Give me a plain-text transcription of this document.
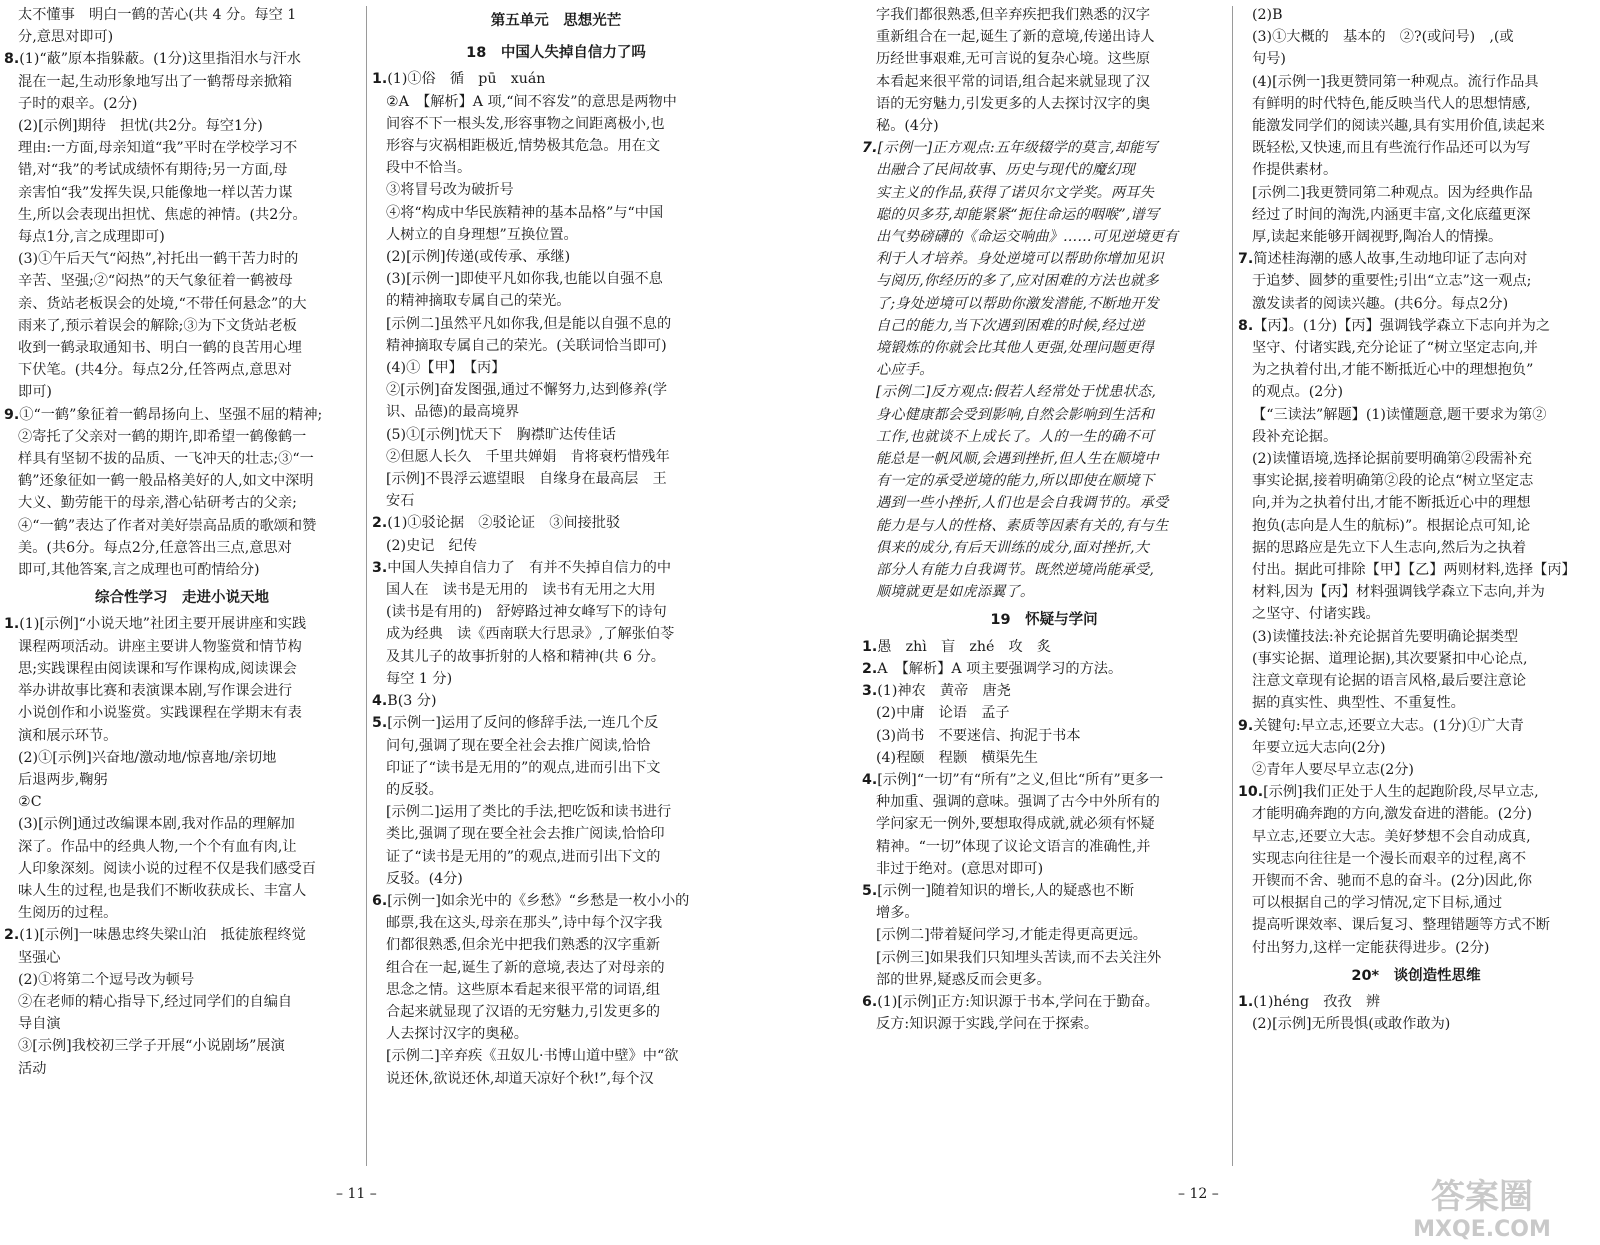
太不懂事　明白一鹤的苦心(共 4 分。每空 1
分,意思对即可)
8.(1)“蔽”原本指躲蔽。(1分)这里指泪水与汗水
混在一起,生动形象地写出了一鹤帮母亲掀箱
子时的艰辛。(2分)
(2)[示例]期待　担忧(共2分。每空1分)
理由:一方面,母亲知道“我”平时在学校学习不
错,对“我”的考试成绩怀有期待;另一方面,母
亲害怕“我”发挥失误,只能像地一样以苦力谋
生,所以会表现出担忧、焦虑的神情。(共2分。
每点1分,言之成理即可)
(3)①午后天气“闷热”,衬托出一鹤干苦力时的
辛苦、坚强;②“闷热”的天气象征着一鹤被母
亲、货站老板误会的处境,“不带任何悬念”的大
雨来了,预示着误会的解除;③为下文货站老板
收到一鹤录取通知书、明白一鹤的良苦用心埋
下伏笔。(共4分。每点2分,任答两点,意思对
即可)
9.①“一鹤”象征着一鹤昂扬向上、坚强不屈的精神;
②寄托了父亲对一鹤的期许,即希望一鹤像鹤一
样具有坚韧不拔的品质、一飞冲天的壮志;③“一
鹤”还象征如一鹤一般品格美好的人,如文中深明
大义、勤劳能干的母亲,潜心钻研考古的父亲;
④“一鹤”表达了作者对美好崇高品质的歌颂和赞
美。(共6分。每点2分,任意答出三点,意思对
即可,其他答案,言之成理也可酌情给分)
综合性学习　走进小说天地
1.(1)[示例]“小说天地”社团主要开展讲座和实践
课程两项活动。讲座主要讲人物鉴赏和情节构
思;实践课程由阅读课和写作课构成,阅读课会
举办讲故事比赛和表演课本剧,写作课会进行
小说创作和小说鉴赏。实践课程在学期末有表
演和展示环节。
(2)①[示例]兴奋地/激动地/惊喜地/亲切地
后退两步,鞠躬
②C
(3)[示例]通过改编课本剧,我对作品的理解加
深了。作品中的经典人物,一个个有血有肉,让
人印象深刻。阅读小说的过程不仅是我们感受百
味人生的过程,也是我们不断收获成长、丰富人
生阅历的过程。
2.(1)[示例]一味愚忠终失梁山泊　抵徒旅程终觉
坚强心
(2)①将第二个逗号改为顿号
②在老师的精心指导下,经过同学们的自编自
导自演
③[示例]我校初三学子开展“小说剧场”展演
活动
第五单元　思想光芒
18　中国人失掉自信力了吗
1.(1)①俗　循　pū　xuán
②A　【解析】A 项,“间不容发”的意思是两物中
间容不下一根头发,形容事物之间距离极小,也
形容与灾祸相距极近,情势极其危急。用在文
段中不恰当。
③将冒号改为破折号
④将“构成中华民族精神的基本品格”与“中国
人树立的自身理想”互换位置。
(2)[示例]传递(或传承、承继)
(3)[示例一]即使平凡如你我,也能以自强不息
的精神摘取专属自己的荣光。
[示例二]虽然平凡如你我,但是能以自强不息的
精神摘取专属自己的荣光。(关联词恰当即可)
(4)①【甲】　【丙】
②[示例]奋发图强,通过不懈努力,达到修养(学
识、品德)的最高境界
(5)①[示例]忧天下　胸襟旷达传佳话
②但愿人长久　千里共婵娟　肯将衰朽惜残年
[示例]不畏浮云遮望眼　自缘身在最高层　王
安石
2.(1)①驳论据　②驳论证　③间接批驳
(2)史记　纪传
3.中国人失掉自信力了　有并不失掉自信力的中
国人在　读书是无用的　读书有无用之大用
(读书是有用的)　舒婷路过神女峰写下的诗句
成为经典　读《西南联大行思录》,了解张伯苓
及其儿子的故事折射的人格和精神(共 6 分。
每空 1 分)
4.B(3 分)
5.[示例一]运用了反问的修辞手法,一连几个反
问句,强调了现在要全社会去推广阅读,恰恰
印证了“读书是无用的”的观点,进而引出下文
的反驳。
[示例二]运用了类比的手法,把吃饭和读书进行
类比,强调了现在要全社会去推广阅读,恰恰印
证了“读书是无用的”的观点,进而引出下文的
反驳。(4分)
6.[示例一]如余光中的《乡愁》“乡愁是一枚小小的
邮票,我在这头,母亲在那头”,诗中每个汉字我
们都很熟悉,但余光中把我们熟悉的汉字重新
组合在一起,诞生了新的意境,表达了对母亲的
思念之情。这些原本看起来很平常的词语,组
合起来就显现了汉语的无穷魅力,引发更多的
人去探讨汉字的奥秘。
[示例二]辛弃疾《丑奴儿·书博山道中壁》中“欲
说还休,欲说还休,却道天凉好个秋!”,每个汉
字我们都很熟悉,但辛弃疾把我们熟悉的汉字
重新组合在一起,诞生了新的意境,传递出诗人
历经世事艰难,无可言说的复杂心境。这些原
本看起来很平常的词语,组合起来就显现了汉
语的无穷魅力,引发更多的人去探讨汉字的奥
秘。(4分)
7.[示例一]正方观点:五年级辍学的莫言,却能写
出融合了民间故事、历史与现代的魔幻现
实主义的作品,获得了诺贝尔文学奖。两耳失
聪的贝多芬,却能紧紧“扼住命运的咽喉”,谱写
出气势磅礴的《命运交响曲》……可见逆境更有
利于人才培养。身处逆境可以帮助你增加见识
与阅历,你经历的多了,应对困难的方法也就多
了;身处逆境可以帮助你激发潜能,不断地开发
自己的能力,当下次遇到困难的时候,经过逆
境锻炼的你就会比其他人更强,处理问题更得
心应手。
[示例二]反方观点:假若人经常处于忧患状态,
身心健康都会受到影响,自然会影响到生活和
工作,也就谈不上成长了。人的一生的确不可
能总是一帆风顺,会遇到挫折,但人生在顺境中
有一定的承受逆境的能力,所以即使在顺境下
遇到一些小挫折,人们也是会自我调节的。承受
能力是与人的性格、素质等因素有关的,有与生
俱来的成分,有后天训练的成分,面对挫折,大
部分人有能力自我调节。既然逆境尚能承受,
顺境就更是如虎添翼了。
19　怀疑与学问
1.愚　zhì　盲　zhé　攻　炙
2.A　【解析】A 项主要强调学习的方法。
3.(1)神农　黄帝　唐尧
(2)中庸　论语　孟子
(3)尚书　不要迷信、拘泥于书本
(4)程颐　程颢　横渠先生
4.[示例]“一切”有“所有”之义,但比“所有”更多一
种加重、强调的意味。强调了古今中外所有的
学问家无一例外,要想取得成就,就必须有怀疑
精神。“一切”体现了议论文语言的准确性,并
非过于绝对。(意思对即可)
5.[示例一]随着知识的增长,人的疑惑也不断
增多。
[示例二]带着疑问学习,才能走得更高更远。
[示例三]如果我们只知埋头苦读,而不去关注外
部的世界,疑惑反而会更多。
6.(1)[示例]正方:知识源于书本,学问在于勤奋。
反方:知识源于实践,学问在于探索。
(2)B
(3)①大概的　基本的　②?(或问号)　,(或
句号)
(4)[示例一]我更赞同第一种观点。流行作品具
有鲜明的时代特色,能反映当代人的思想情感,
能激发同学们的阅读兴趣,具有实用价值,读起来
既轻松,又快速,而且有些流行作品还可以为写
作提供素材。
[示例二]我更赞同第二种观点。因为经典作品
经过了时间的淘洗,内涵更丰富,文化底蕴更深
厚,读起来能够开阔视野,陶冶人的情操。
7.简述桂海潮的感人故事,生动地印证了志向对
于追梦、圆梦的重要性;引出“立志”这一观点;
激发读者的阅读兴趣。(共6分。每点2分)
8.【丙】。(1分)【丙】强调钱学森立下志向并为之
坚守、付诸实践,充分论证了“树立坚定志向,并
为之执着付出,才能不断抵近心中的理想抱负”
的观点。(2分)
【“三读法”解题】(1)读懂题意,题干要求为第②
段补充论据。
(2)读懂语境,选择论据前要明确第②段需补充
事实论据,接着明确第②段的论点“树立坚定志
向,并为之执着付出,才能不断抵近心中的理想
抱负(志向是人生的航标)”。根据论点可知,论
据的思路应是先立下人生志向,然后为之执着
付出。据此可排除【甲】【乙】两则材料,选择【丙】
材料,因为【丙】材料强调钱学森立下志向,并为
之坚守、付诸实践。
(3)读懂技法:补充论据首先要明确论据类型
(事实论据、道理论据),其次要紧扣中心论点,
注意文章现有论据的语言风格,最后要注意论
据的真实性、典型性、不重复性。
9.关键句:早立志,还要立大志。(1分)①广大青
年要立远大志向(2分)
②青年人要尽早立志(2分)
10.[示例]我们正处于人生的起跑阶段,尽早立志,
才能明确奔跑的方向,激发奋进的潜能。(2分)
早立志,还要立大志。美好梦想不会自动成真,
实现志向往往是一个漫长而艰辛的过程,离不
开锲而不舍、驰而不息的奋斗。(2分)因此,你
可以根据自己的学习情况,定下目标,通过
提高听课效率、课后复习、整理错题等方式不断
付出努力,这样一定能获得进步。(2分)
20*　谈创造性思维
1.(1)héng　孜孜　辨
(2)[示例]无所畏惧(或敢作敢为)
– 11 –	– 12 –	答案圈
MXQE.COM
